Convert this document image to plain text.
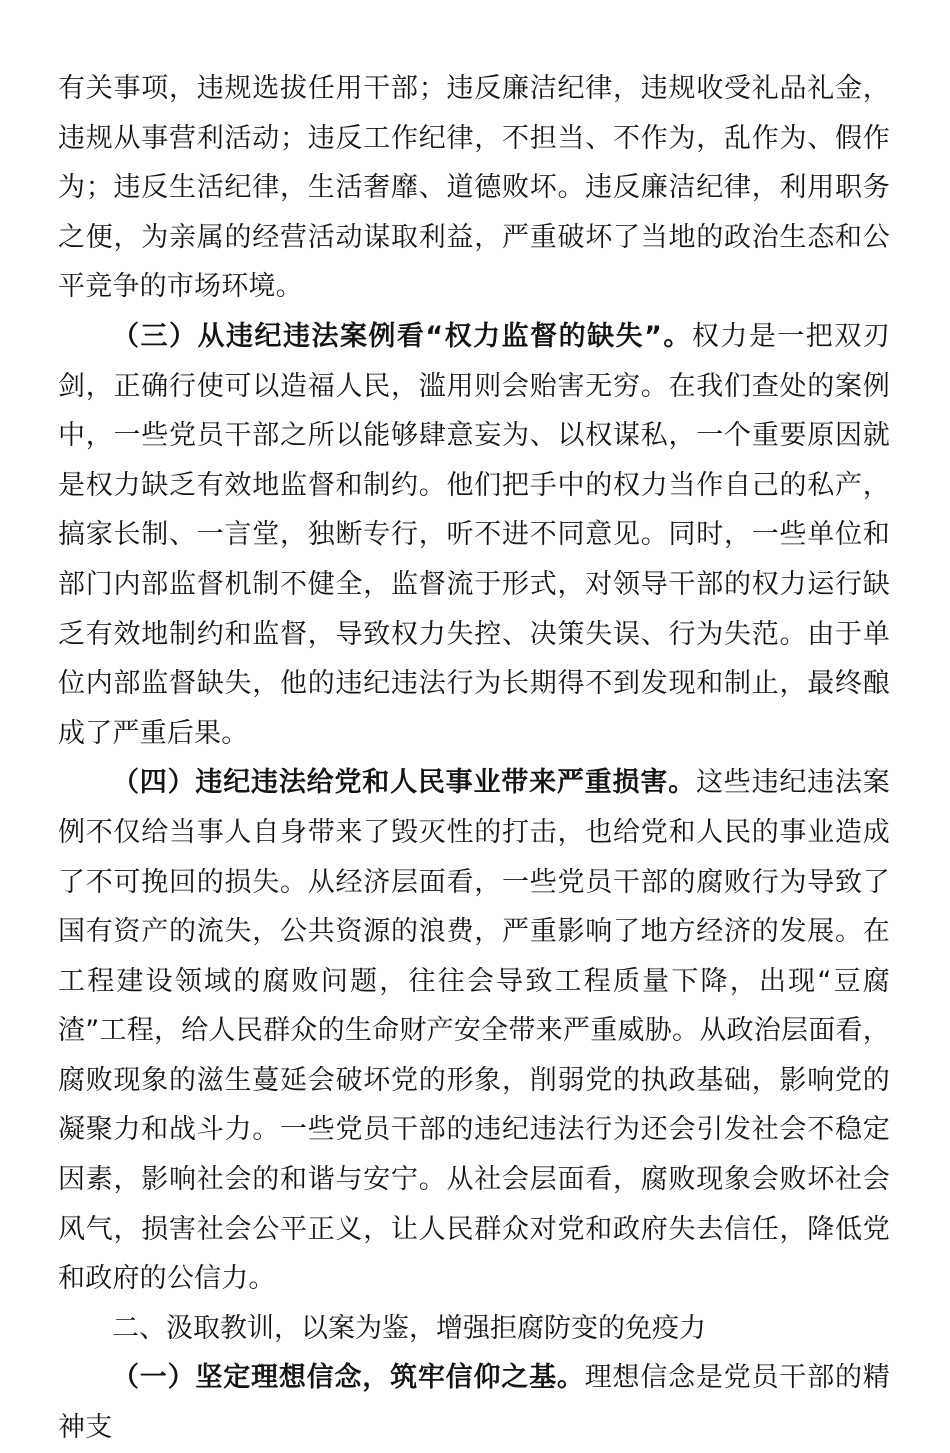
有关事项，违规选拔任用干部；违反廉洁纪律，违规收受礼品礼金，违规从事营利活动；违反工作纪律，不担当、不作为，乱作为、假作为；违反生活纪律，生活奢靡、道德败坏。违反廉洁纪律，利用职务之便，为亲属的经营活动谋取利益，严重破坏了当地的政治生态和公平竞争的市场环境。

（三）从违纪违法案例看“权力监督的缺失”。权力是一把双刃剑，正确行使可以造福人民，滥用则会贻害无穷。在我们查处的案例中，一些党员干部之所以能够肆意妄为、以权谋私，一个重要原因就是权力缺乏有效地监督和制约。他们把手中的权力当作自己的私产，搞家长制、一言堂，独断专行，听不进不同意见。同时，一些单位和部门内部监督机制不健全，监督流于形式，对领导干部的权力运行缺乏有效地制约和监督，导致权力失控、决策失误、行为失范。由于单位内部监督缺失，他的违纪违法行为长期得不到发现和制止，最终酿成了严重后果。

（四）违纪违法给党和人民事业带来严重损害。这些违纪违法案例不仅给当事人自身带来了毁灭性的打击，也给党和人民的事业造成了不可挽回的损失。从经济层面看，一些党员干部的腐败行为导致了国有资产的流失，公共资源的浪费，严重影响了地方经济的发展。在工程建设领域的腐败问题，往往会导致工程质量下降，出现“豆腐渣”工程，给人民群众的生命财产安全带来严重威胁。从政治层面看，腐败现象的滋生蔓延会破坏党的形象，削弱党的执政基础，影响党的凝聚力和战斗力。一些党员干部的违纪违法行为还会引发社会不稳定因素，影响社会的和谐与安宁。从社会层面看，腐败现象会败坏社会风气，损害社会公平正义，让人民群众对党和政府失去信任，降低党和政府的公信力。

二、汲取教训，以案为鉴，增强拒腐防变的免疫力

（一）坚定理想信念，筑牢信仰之基。理想信念是党员干部的精神支
